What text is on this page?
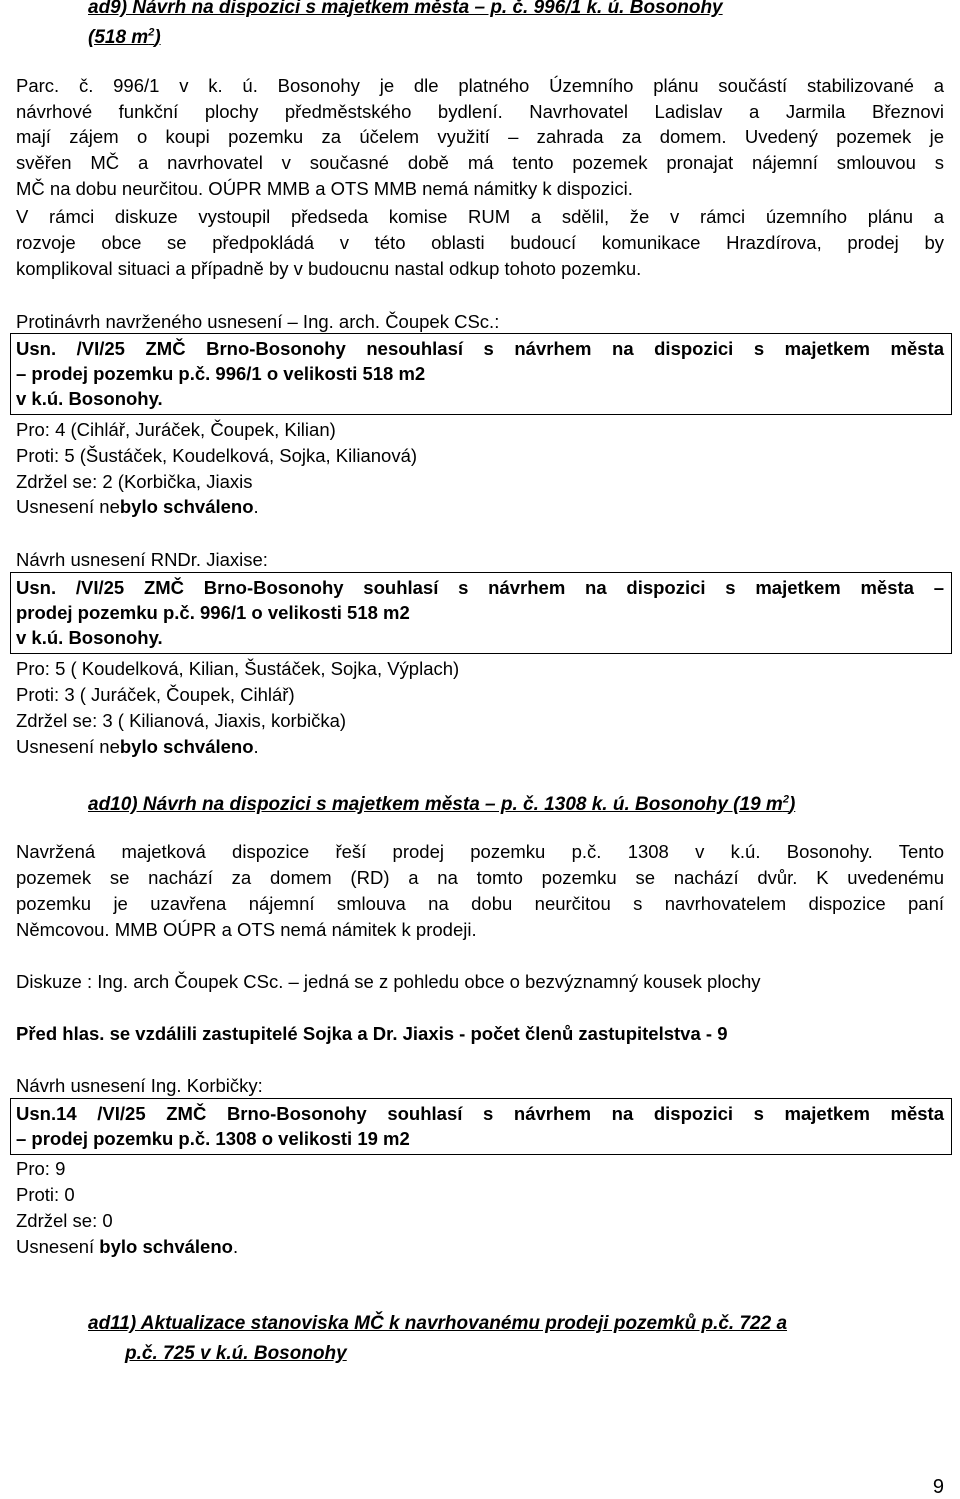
ad9) Návrh na dispozici s majetkem města – p. č. 996/1 k. ú. Bosonohy
(518 $m^2$)
Parc. č. 996/1 v k. ú. Bosonohy je dle platného Územního plánu součástí stabilizované a
návrhové funkční plochy předměstského bydlení. Navrhovatel Ladislav a Jarmila Březnovi
mají zájem o koupi pozemku za účelem využití – zahrada za domem. Uvedený pozemek je
svěřen MČ a navrhovatel v současné době má tento pozemek pronajat nájemní smlouvou s
MČ na dobu neurčitou. OÚPR MMB a OTS MMB nemá námitky k dispozici.
V rámci diskuze vystoupil předseda komise RUM a sdělil, že v rámci územního plánu a
rozvoje obce se předpokládá v této oblasti budoucí komunikace Hrazdírova, prodej by
komplikoval situaci a případně by v budoucnu nastal odkup tohoto pozemku.
Protinávrh navrženého usnesení – Ing. arch. Čoupek CSc.:
Usn. /VI/25 ZMČ Brno-Bosonohy nesouhlasí s návrhem na dispozici s majetkem města
– prodej pozemku p.č. 996/1 o velikosti 518 m2
v k.ú. Bosonohy.
Pro: 4 (Cihlář, Juráček, Čoupek, Kilian)
Proti: 5 (Šustáček, Koudelková, Sojka, Kilianová)
Zdržel se: 2 (Korbička, Jiaxis
Usnesení nebylo schváleno.
Návrh usnesení RNDr. Jiaxise:
Usn. /VI/25 ZMČ Brno-Bosonohy souhlasí s návrhem na dispozici s majetkem města –
prodej pozemku p.č. 996/1 o velikosti 518 m2
v k.ú. Bosonohy.
Pro: 5 ( Koudelková, Kilian, Šustáček, Sojka, Výplach)
Proti: 3 ( Juráček, Čoupek, Cihlář)
Zdržel se: 3 ( Kilianová, Jiaxis, korbička)
Usnesení nebylo schváleno.
ad10) Návrh na dispozici s majetkem města – p. č. 1308 k. ú. Bosonohy (19 $m^2$)
Navržená majetková dispozice řeší prodej pozemku p.č. 1308 v k.ú. Bosonohy. Tento
pozemek se nachází za domem (RD) a na tomto pozemku se nachází dvůr. K uvedenému
pozemku je uzavřena nájemní smlouva na dobu neurčitou s navrhovatelem dispozice paní
Němcovou. MMB OÚPR a OTS nemá námitek k prodeji.
Diskuze : Ing. arch Čoupek CSc. – jedná se z pohledu obce o bezvýznamný kousek plochy
Před hlas. se vzdálili zastupitelé Sojka a Dr. Jiaxis - počet členů zastupitelstva - 9
Návrh usnesení Ing. Korbičky:
Usn.14 /VI/25 ZMČ Brno-Bosonohy souhlasí s návrhem na dispozici s majetkem města
– prodej pozemku p.č. 1308 o velikosti 19 m2
Pro: 9
Proti: 0
Zdržel se: 0
Usnesení bylo schváleno.
ad11) Aktualizace stanoviska MČ k navrhovanému prodeji pozemků p.č. 722 a
p.č. 725 v k.ú. Bosonohy
9
